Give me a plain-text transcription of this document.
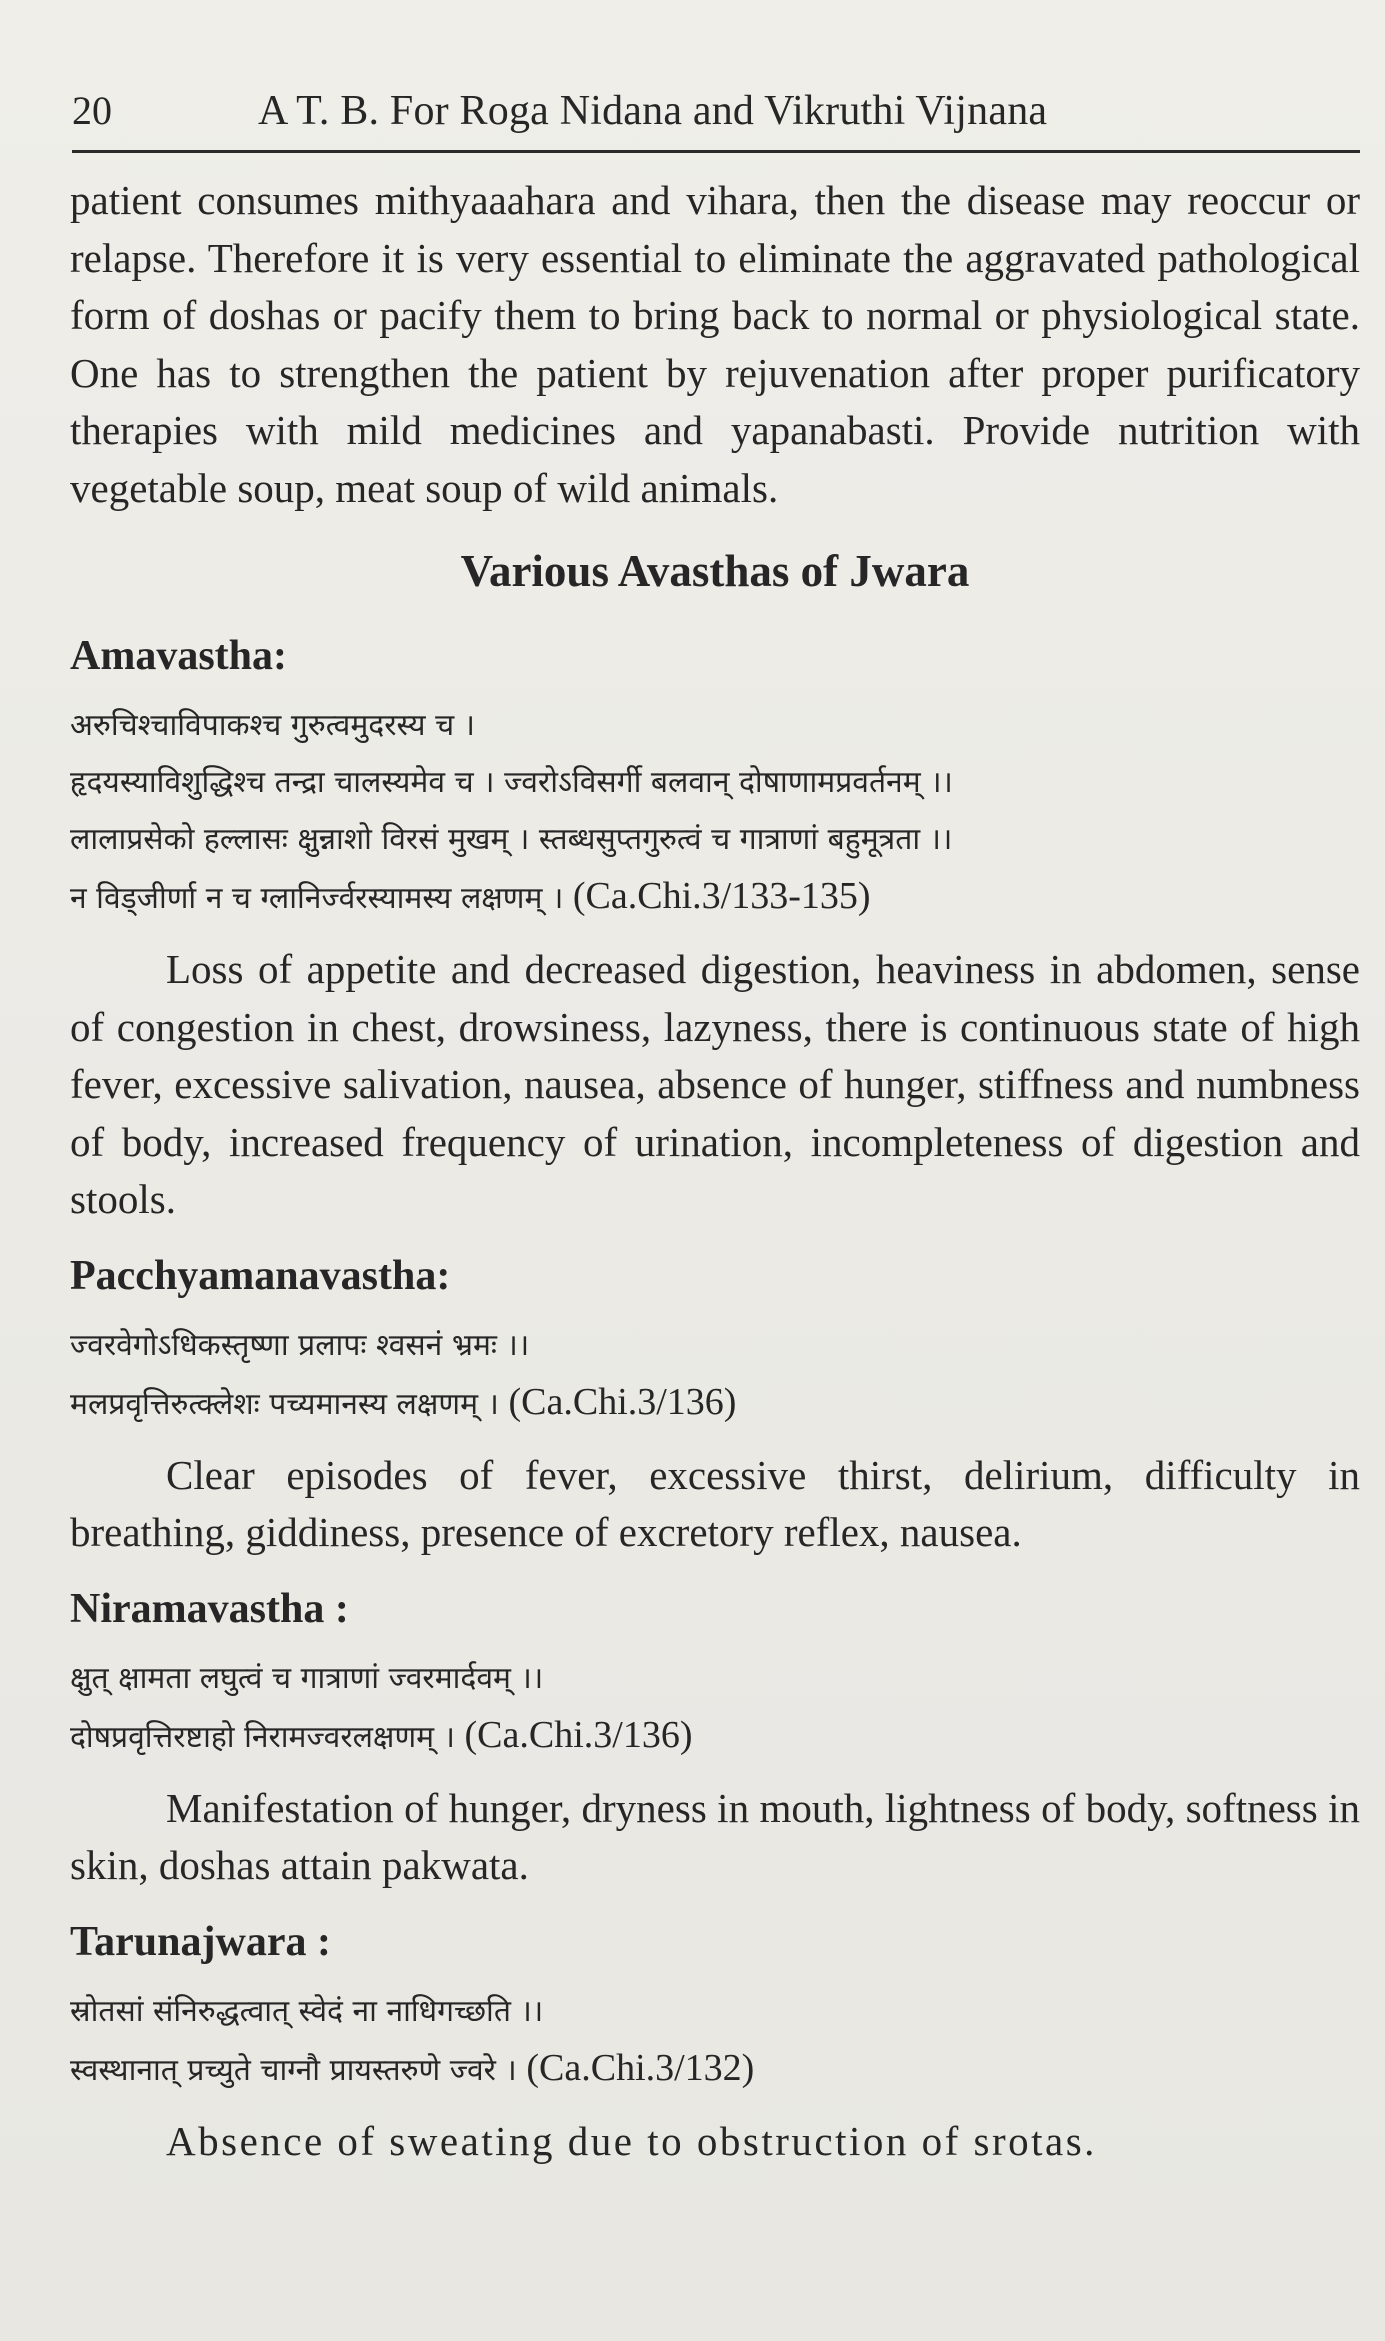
20	A T. B. For Roga Nidana and Vikruthi Vijnana

patient consumes mithyaaahara and vihara, then the disease may reoccur or relapse. Therefore it is very essential to eliminate the aggravated pathological form of doshas or pacify them to bring back to normal or physiological state. One has to strengthen the patient by rejuvenation after proper purificatory therapies with mild medicines and yapanabasti. Provide nutrition with vegetable soup, meat soup of wild animals.

Various Avasthas of Jwara
Amavastha:

अरुचिश्चाविपाकश्च गुरुत्वमुदरस्य च ।

हृदयस्याविशुद्धिश्च तन्द्रा चालस्यमेव च । ज्वरोऽविसर्गी बलवान् दोषाणामप्रवर्तनम् ।।

लालाप्रसेको हल्लासः क्षुन्नाशो विरसं मुखम् । स्तब्धसुप्तगुरुत्वं च गात्राणां बहुमूत्रता ।।

न विड्जीर्णा न च ग्लानिर्ज्वरस्यामस्य लक्षणम् । (Ca.Chi.3/133-135)

Loss of appetite and decreased digestion, heaviness in abdomen, sense of congestion in chest, drowsiness, lazyness, there is continuous state of high fever, excessive salivation, nausea, absence of hunger, stiffness and numbness of body, increased frequency of urination, incompleteness of digestion and stools.

Pacchyamanavastha:

ज्वरवेगोऽधिकस्तृष्णा प्रलापः श्वसनं भ्रमः ।।

मलप्रवृत्तिरुत्क्लेशः पच्यमानस्य लक्षणम् । (Ca.Chi.3/136)

Clear episodes of fever, excessive thirst, delirium, difficulty in breathing, giddiness, presence of excretory reflex, nausea.

Niramavastha :

क्षुत् क्षामता लघुत्वं च गात्राणां ज्वरमार्दवम् ।।

दोषप्रवृत्तिरष्टाहो निरामज्वरलक्षणम् । (Ca.Chi.3/136)

Manifestation of hunger, dryness in mouth, lightness of body, softness in skin, doshas attain pakwata.

Tarunajwara :

स्रोतसां संनिरुद्धत्वात् स्वेदं ना नाधिगच्छति ।।

स्वस्थानात् प्रच्युते चाग्नौ प्रायस्तरुणे ज्वरे । (Ca.Chi.3/132)

Absence of sweating due to obstruction of srotas.
